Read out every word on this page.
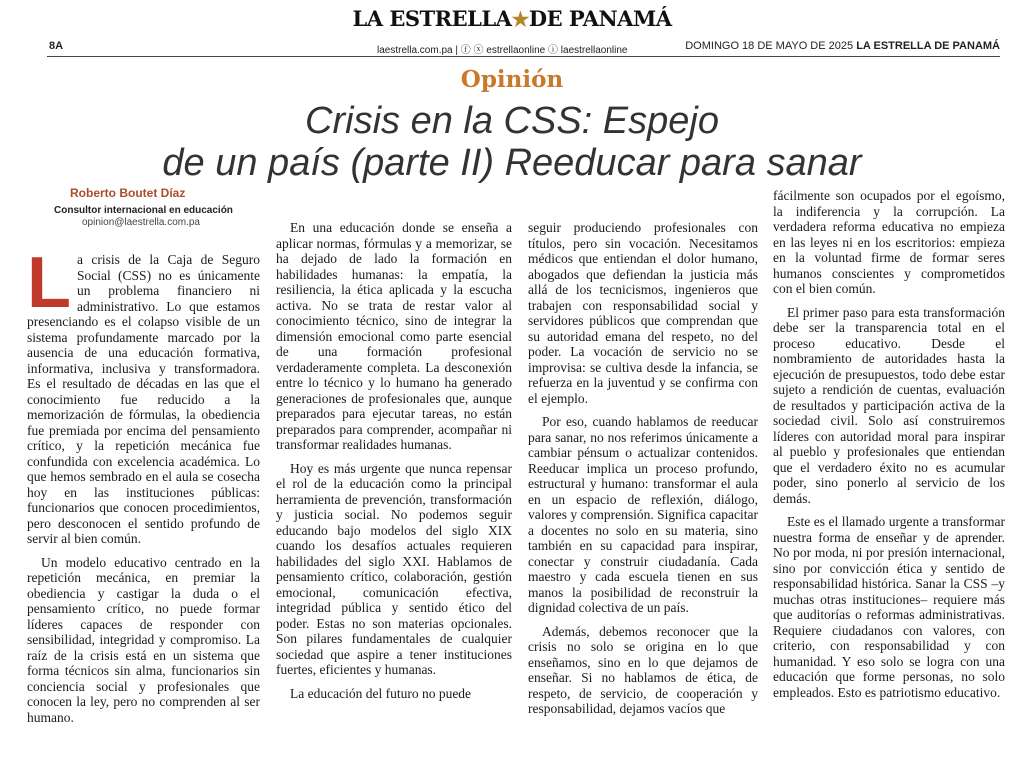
LA ESTRELLA★DE PANAMÁ
8A	laestrella.com.pa | ⓕ ⓧ estrellaonline ⓘ laestrellaonline	DOMINGO 18 DE MAYO DE 2025 LA ESTRELLA DE PANAMÁ
Opinión
Crisis en la CSS: Espejo
de un país (parte II) Reeducar para sanar
Roberto Boutet Díaz
Consultor internacional en educación
opinion@laestrella.com.pa
L a crisis de la Caja de Seguro Social (CSS) no es únicamente un problema financiero ni administrativo. Lo que estamos presenciando es el colapso visible de un sistema profundamente marcado por la ausencia de una educación formativa, informativa, inclusiva y transformadora. Es el resultado de décadas en las que el conocimiento fue reducido a la memorización de fórmulas, la obediencia fue premiada por encima del pensamiento crítico, y la repetición mecánica fue confundida con excelencia académica. Lo que hemos sembrado en el aula se cosecha hoy en las instituciones públicas: funcionarios que conocen procedimientos, pero desconocen el sentido profundo de servir al bien común.

Un modelo educativo centrado en la repetición mecánica, en premiar la obediencia y castigar la duda o el pensamiento crítico, no puede formar líderes capaces de responder con sensibilidad, integridad y compromiso. La raíz de la crisis está en un sistema que forma técnicos sin alma, funcionarios sin conciencia social y profesionales que conocen la ley, pero no comprenden al ser humano.

En una educación donde se enseña a aplicar normas, fórmulas y a memorizar, se ha dejado de lado la formación en habilidades humanas: la empatía, la resiliencia, la ética aplicada y la escucha activa. No se trata de restar valor al conocimiento técnico, sino de integrar la dimensión emocional como parte esencial de una formación profesional verdaderamente completa. La desconexión entre lo técnico y lo humano ha generado generaciones de profesionales que, aunque preparados para ejecutar tareas, no están preparados para comprender, acompañar ni transformar realidades humanas.

Hoy es más urgente que nunca repensar el rol de la educación como la principal herramienta de prevención, transformación y justicia social. No podemos seguir educando bajo modelos del siglo XIX cuando los desafíos actuales requieren habilidades del siglo XXI. Hablamos de pensamiento crítico, colaboración, gestión emocional, comunicación efectiva, integridad pública y sentido ético del poder. Estas no son materias opcionales. Son pilares fundamentales de cualquier sociedad que aspire a tener instituciones fuertes, eficientes y humanas.

La educación del futuro no puede

seguir produciendo profesionales con títulos, pero sin vocación. Necesitamos médicos que entiendan el dolor humano, abogados que defiendan la justicia más allá de los tecnicismos, ingenieros que trabajen con responsabilidad social y servidores públicos que comprendan que su autoridad emana del respeto, no del poder. La vocación de servicio no se improvisa: se cultiva desde la infancia, se refuerza en la juventud y se confirma con el ejemplo.

Por eso, cuando hablamos de reeducar para sanar, no nos referimos únicamente a cambiar pénsum o actualizar contenidos. Reeducar implica un proceso profundo, estructural y humano: transformar el aula en un espacio de reflexión, diálogo, valores y comprensión. Significa capacitar a docentes no solo en su materia, sino también en su capacidad para inspirar, conectar y construir ciudadanía. Cada maestro y cada escuela tienen en sus manos la posibilidad de reconstruir la dignidad colectiva de un país.

Además, debemos reconocer que la crisis no solo se origina en lo que enseñamos, sino en lo que dejamos de enseñar. Si no hablamos de ética, de respeto, de servicio, de cooperación y responsabilidad, dejamos vacíos que

fácilmente son ocupados por el egoísmo, la indiferencia y la corrupción. La verdadera reforma educativa no empieza en las leyes ni en los escritorios: empieza en la voluntad firme de formar seres humanos conscientes y comprometidos con el bien común.

El primer paso para esta transformación debe ser la transparencia total en el proceso educativo. Desde el nombramiento de autoridades hasta la ejecución de presupuestos, todo debe estar sujeto a rendición de cuentas, evaluación de resultados y participación activa de la sociedad civil. Solo así construiremos líderes con autoridad moral para inspirar al pueblo y profesionales que entiendan que el verdadero éxito no es acumular poder, sino ponerlo al servicio de los demás.

Este es el llamado urgente a transformar nuestra forma de enseñar y de aprender. No por moda, ni por presión internacional, sino por convicción ética y sentido de responsabilidad histórica. Sanar la CSS –y muchas otras instituciones– requiere más que auditorías o reformas administrativas. Requiere ciudadanos con valores, con criterio, con responsabilidad y con humanidad. Y eso solo se logra con una educación que forme personas, no solo empleados. Esto es patriotismo educativo.
